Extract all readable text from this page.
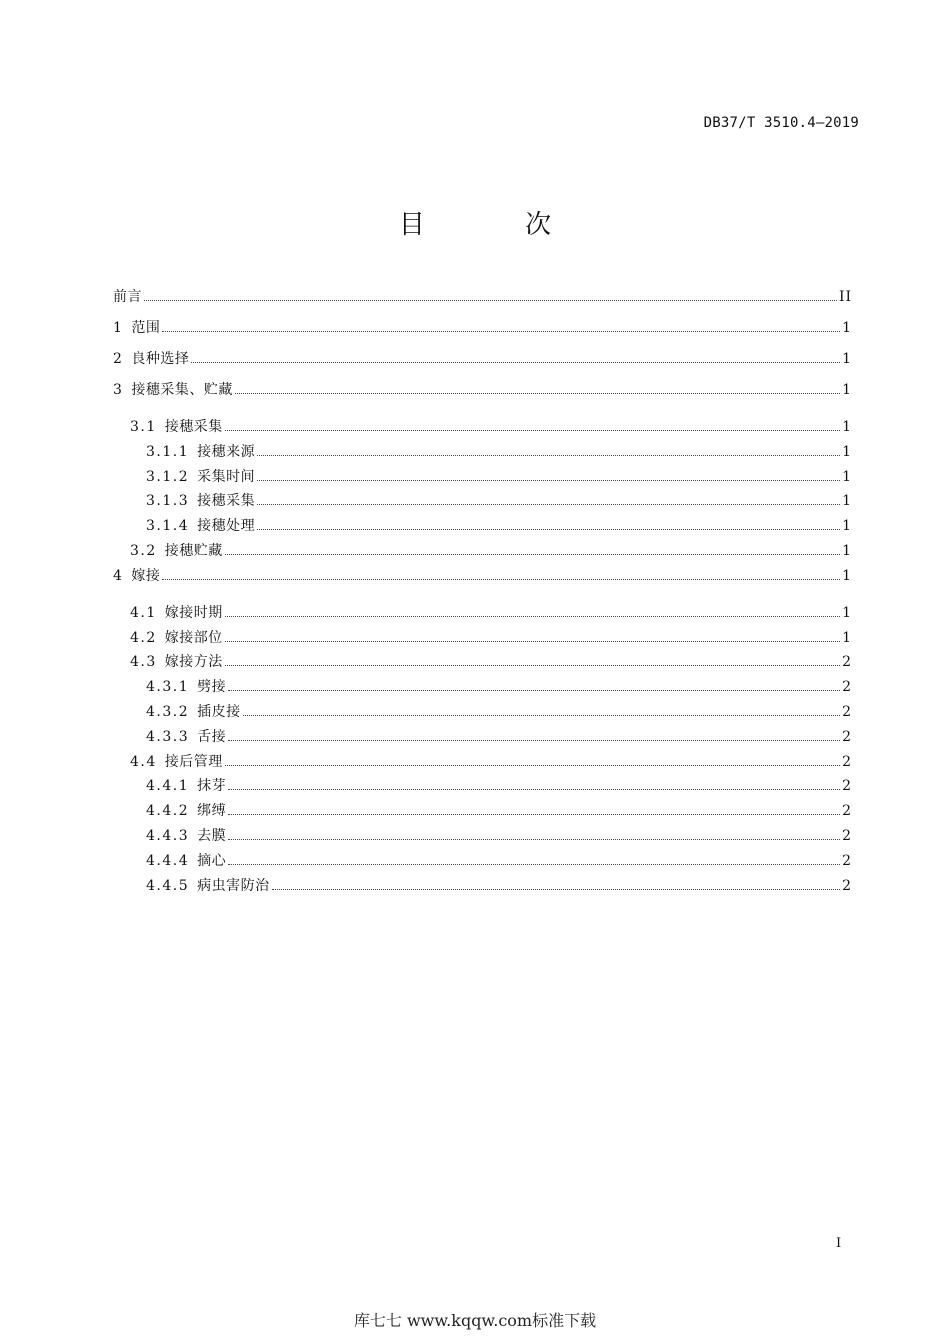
DB37/T 3510.4—2019
目 次
前言	II
1 范围	1
2 良种选择	1
3 接穗采集、贮藏	1
3.1 接穗采集	1
3.1.1 接穗来源	1
3.1.2 采集时间	1
3.1.3 接穗采集	1
3.1.4 接穗处理	1
3.2 接穗贮藏	1
4 嫁接	1
4.1 嫁接时期	1
4.2 嫁接部位	1
4.3 嫁接方法	2
4.3.1 劈接	2
4.3.2 插皮接	2
4.3.3 舌接	2
4.4 接后管理	2
4.4.1 抹芽	2
4.4.2 绑缚	2
4.4.3 去膜	2
4.4.4 摘心	2
4.4.5 病虫害防治	2
I
库七七 www.kqqw.com标准下载
